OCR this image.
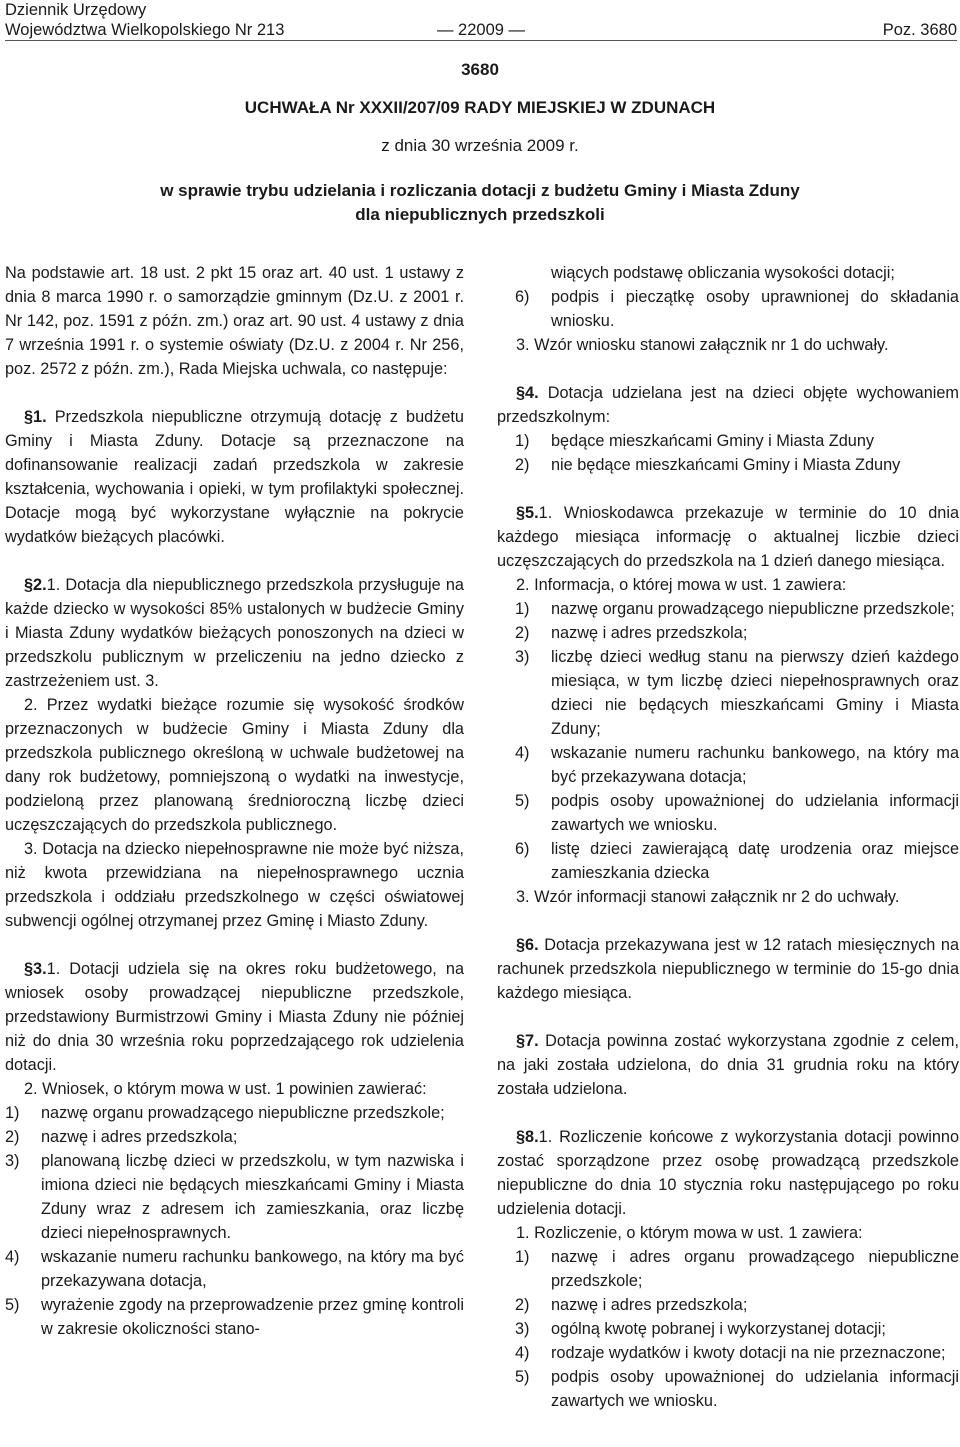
Dziennik Urzędowy
Województwa Wielkopolskiego Nr 213	— 22009 —	Poz. 3680
3680
UCHWAŁA Nr XXXII/207/09 RADY MIEJSKIEJ W ZDUNACH
z dnia 30 września 2009 r.
w sprawie trybu udzielania i rozliczania dotacji z budżetu Gminy i Miasta Zduny
dla niepublicznych przedszkoli

Na podstawie art. 18 ust. 2 pkt 15 oraz art. 40 ust. 1 ustawy z dnia 8 marca 1990 r. o samorządzie gminnym (Dz.U. z 2001 r. Nr 142, poz. 1591 z późn. zm.) oraz art. 90 ust. 4 ustawy z dnia 7 września 1991 r. o systemie oświaty (Dz.U. z 2004 r. Nr 256, poz. 2572 z późn. zm.), Rada Miejska uchwala, co następuje:

§1. Przedszkola niepubliczne otrzymują dotację z budżetu Gminy i Miasta Zduny. Dotacje są przeznaczone na dofinansowanie realizacji zadań przedszkola w zakresie kształcenia, wychowania i opieki, w tym profilaktyki społecznej. Dotacje mogą być wykorzystane wyłącznie na pokrycie wydatków bieżących placówki.

§2.1. Dotacja dla niepublicznego przedszkola przysługuje na każde dziecko w wysokości 85% ustalonych w budżecie Gminy i Miasta Zduny wydatków bieżących ponoszonych na dzieci w przedszkolu publicznym w przeliczeniu na jedno dziecko z zastrzeżeniem ust. 3.

2. Przez wydatki bieżące rozumie się wysokość środków przeznaczonych w budżecie Gminy i Miasta Zduny dla przedszkola publicznego określoną w uchwale budżetowej na dany rok budżetowy, pomniejszoną o wydatki na inwestycje, podzieloną przez planowaną średnioroczną liczbę dzieci uczęszczających do przedszkola publicznego.

3. Dotacja na dziecko niepełnosprawne nie może być niższa, niż kwota przewidziana na niepełnosprawnego ucznia przedszkola i oddziału przedszkolnego w części oświatowej subwencji ogólnej otrzymanej przez Gminę i Miasto Zduny.

§3.1. Dotacji udziela się na okres roku budżetowego, na wniosek osoby prowadzącej niepubliczne przedszkole, przedstawiony Burmistrzowi Gminy i Miasta Zduny nie później niż do dnia 30 września roku poprzedzającego rok udzielenia dotacji.

2. Wniosek, o którym mowa w ust. 1 powinien zawierać:

1)	nazwę organu prowadzącego niepubliczne przedszkole;
2)	nazwę i adres przedszkola;
3)	planowaną liczbę dzieci w przedszkolu, w tym nazwiska i imiona dzieci nie będących mieszkańcami Gminy i Miasta Zduny wraz z adresem ich zamieszkania, oraz liczbę dzieci niepełnosprawnych.
4)	wskazanie numeru rachunku bankowego, na który ma być przekazywana dotacja,
5)	wyrażenie zgody na przeprowadzenie przez gminę kontroli w zakresie okoliczności stano-
wiących podstawę obliczania wysokości dotacji;
6)	podpis i pieczątkę osoby uprawnionej do składania wniosku.

3. Wzór wniosku stanowi załącznik nr 1 do uchwały.

§4. Dotacja udzielana jest na dzieci objęte wychowaniem przedszkolnym:

1)	będące mieszkańcami Gminy i Miasta Zduny
2)	nie będące mieszkańcami Gminy i Miasta Zduny

§5.1. Wnioskodawca przekazuje w terminie do 10 dnia każdego miesiąca informację o aktualnej liczbie dzieci uczęszczających do przedszkola na 1 dzień danego miesiąca.

2. Informacja, o której mowa w ust. 1 zawiera:

1)	nazwę organu prowadzącego niepubliczne przedszkole;
2)	nazwę i adres przedszkola;
3)	liczbę dzieci według stanu na pierwszy dzień każdego miesiąca, w tym liczbę dzieci niepełnosprawnych oraz dzieci nie będących mieszkańcami Gminy i Miasta Zduny;
4)	wskazanie numeru rachunku bankowego, na który ma być przekazywana dotacja;
5)	podpis osoby upoważnionej do udzielania informacji zawartych we wniosku.
6)	listę dzieci zawierającą datę urodzenia oraz miejsce zamieszkania dziecka

3. Wzór informacji stanowi załącznik nr 2 do uchwały.

§6. Dotacja przekazywana jest w 12 ratach miesięcznych na rachunek przedszkola niepublicznego w terminie do 15-go dnia każdego miesiąca.

§7. Dotacja powinna zostać wykorzystana zgodnie z celem, na jaki została udzielona, do dnia 31 grudnia roku na który została udzielona.

§8.1. Rozliczenie końcowe z wykorzystania dotacji powinno zostać sporządzone przez osobę prowadzącą przedszkole niepubliczne do dnia 10 stycznia roku następującego po roku udzielenia dotacji.

1. Rozliczenie, o którym mowa w ust. 1 zawiera:

1)	nazwę i adres organu prowadzącego niepubliczne przedszkole;
2)	nazwę i adres przedszkola;
3)	ogólną kwotę pobranej i wykorzystanej dotacji;
4)	rodzaje wydatków i kwoty dotacji na nie przeznaczone;
5)	podpis osoby upoważnionej do udzielania informacji zawartych we wniosku.
